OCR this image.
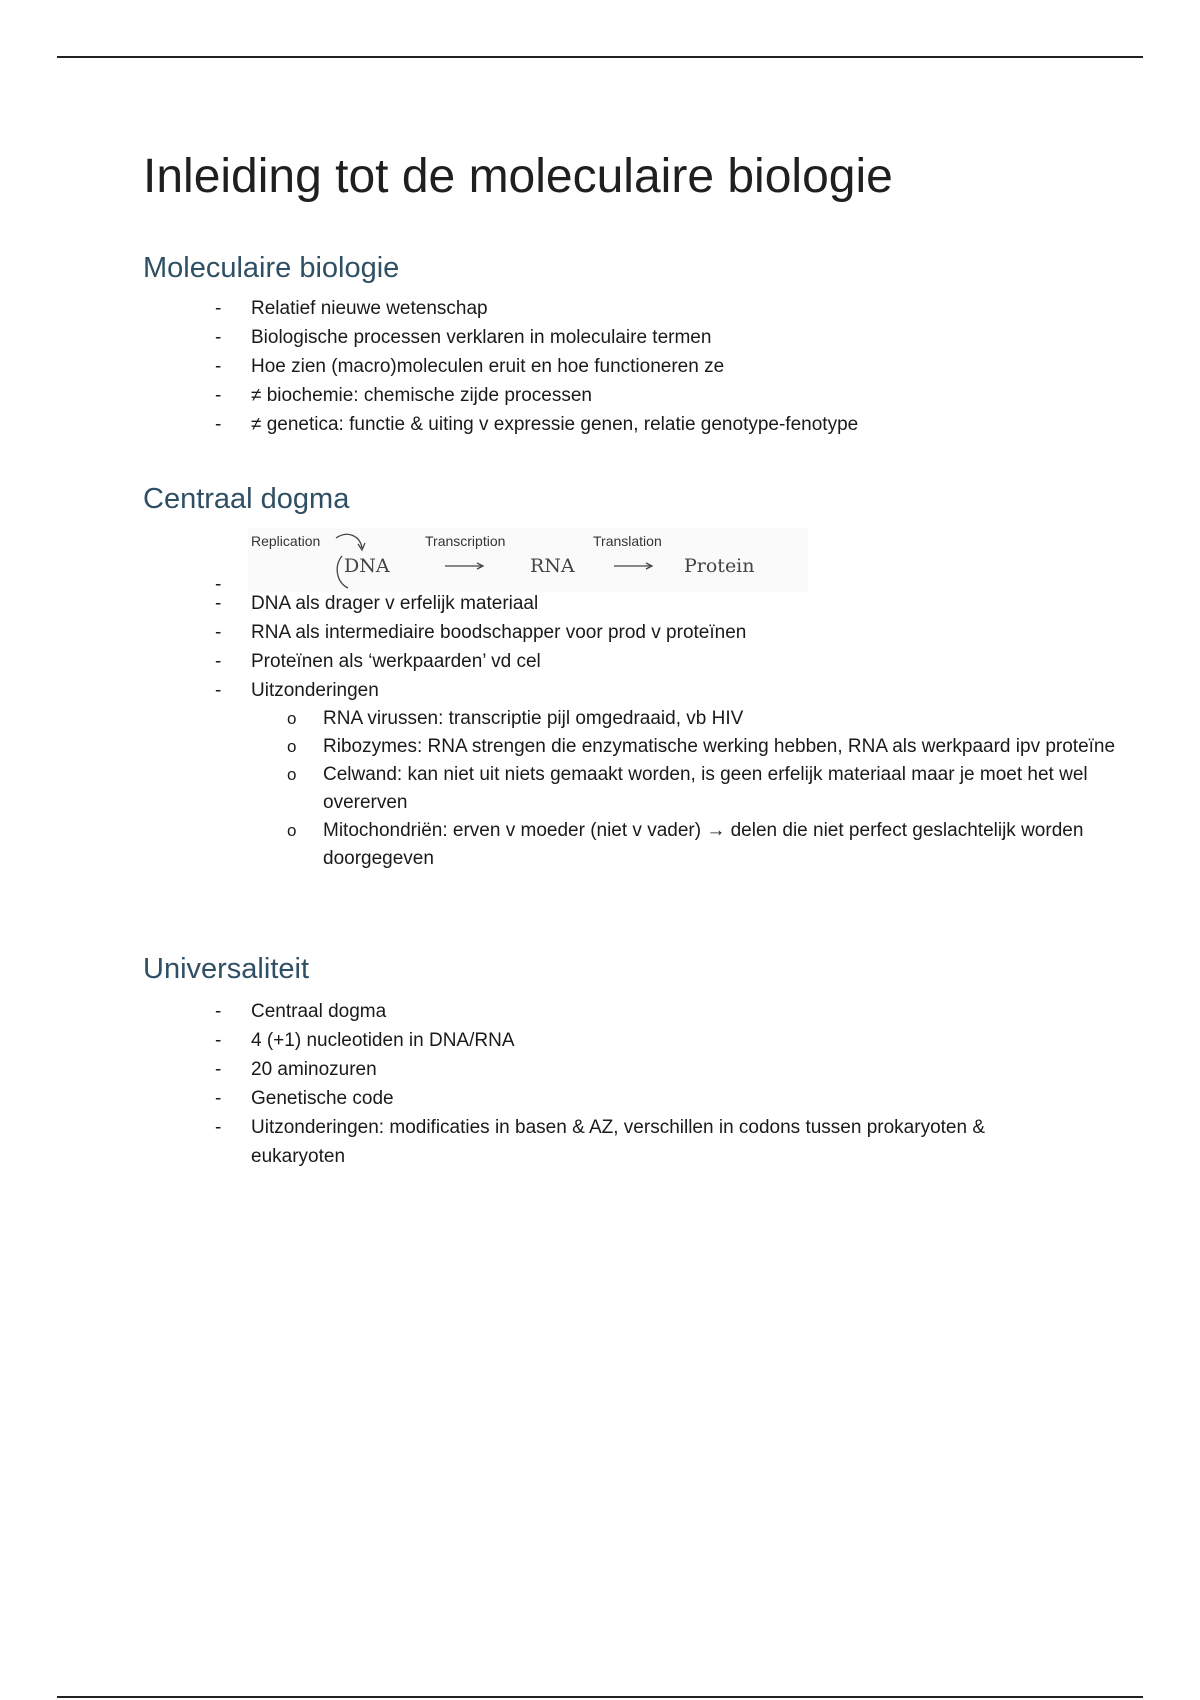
Inleiding tot de moleculaire biologie
Moleculaire biologie
- Relatief nieuwe wetenschap
- Biologische processen verklaren in moleculaire termen
- Hoe zien (macro)moleculen eruit en hoe functioneren ze
- ≠ biochemie: chemische zijde processen
- ≠ genetica: functie & uiting v expressie genen, relatie genotype-fenotype
Centraal dogma
-
Replication	Transcription	Translation
DNA	RNA	Protein
- DNA als drager v erfelijk materiaal
- RNA als intermediaire boodschapper voor prod v proteïnen
- Proteïnen als ‘werkpaarden’ vd cel
- Uitzonderingen
o RNA virussen: transcriptie pijl omgedraaid, vb HIV
o Ribozymes: RNA strengen die enzymatische werking hebben, RNA als werkpaard ipv proteïne
o Celwand: kan niet uit niets gemaakt worden, is geen erfelijk materiaal maar je moet het wel overerven
o Mitochondriën: erven v moeder (niet v vader) → delen die niet perfect geslachtelijk worden doorgegeven
Universaliteit
- Centraal dogma
- 4 (+1) nucleotiden in DNA/RNA
- 20 aminozuren
- Genetische code
- Uitzonderingen: modificaties in basen & AZ, verschillen in codons tussen prokaryoten & eukaryoten
